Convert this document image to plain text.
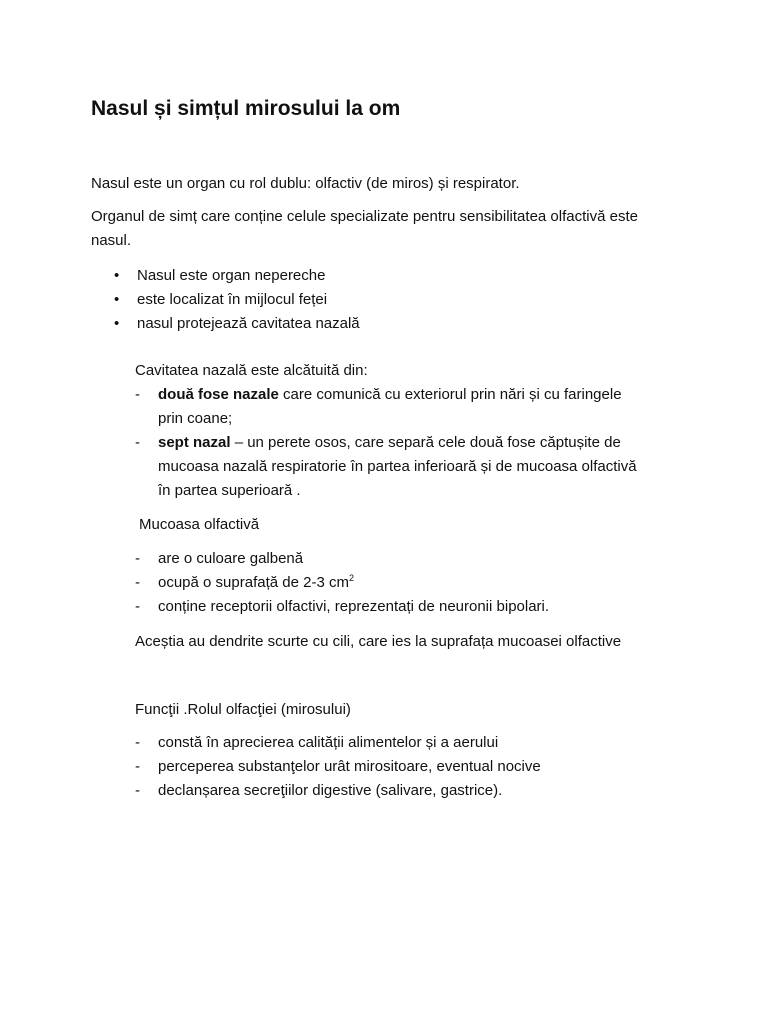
Nasul și simțul mirosului la om
Nasul este un organ cu rol dublu: olfactiv (de miros) și respirator.
Organul de simț care conține celule specializate pentru sensibilitatea olfactivă este
nasul.
• Nasul este organ nepereche
• este localizat în mijlocul feței
• nasul protejează cavitatea nazală
Cavitatea nazală este alcătuită din:
- două fose nazale care comunică cu exteriorul prin nări și cu faringele
prin coane;
- sept nazal – un perete osos, care separă cele două fose căptușite de
mucoasa nazală respiratorie în partea inferioară și de mucoasa olfactivă
în partea superioară .
Mucoasa olfactivă
- are o culoare galbenă
- ocupă o suprafață de 2-3 $cm^2$
- conține receptorii olfactivi, reprezentați de neuronii bipolari.
Aceștia au dendrite scurte cu cili, care ies la suprafața mucoasei olfactive
Funcţii .Rolul olfacţiei (mirosului)
- constă în aprecierea calității alimentelor și a aerului
- perceperea substanţelor urât mirositoare, eventual nocive
- declanșarea secreţiilor digestive (salivare, gastrice).
